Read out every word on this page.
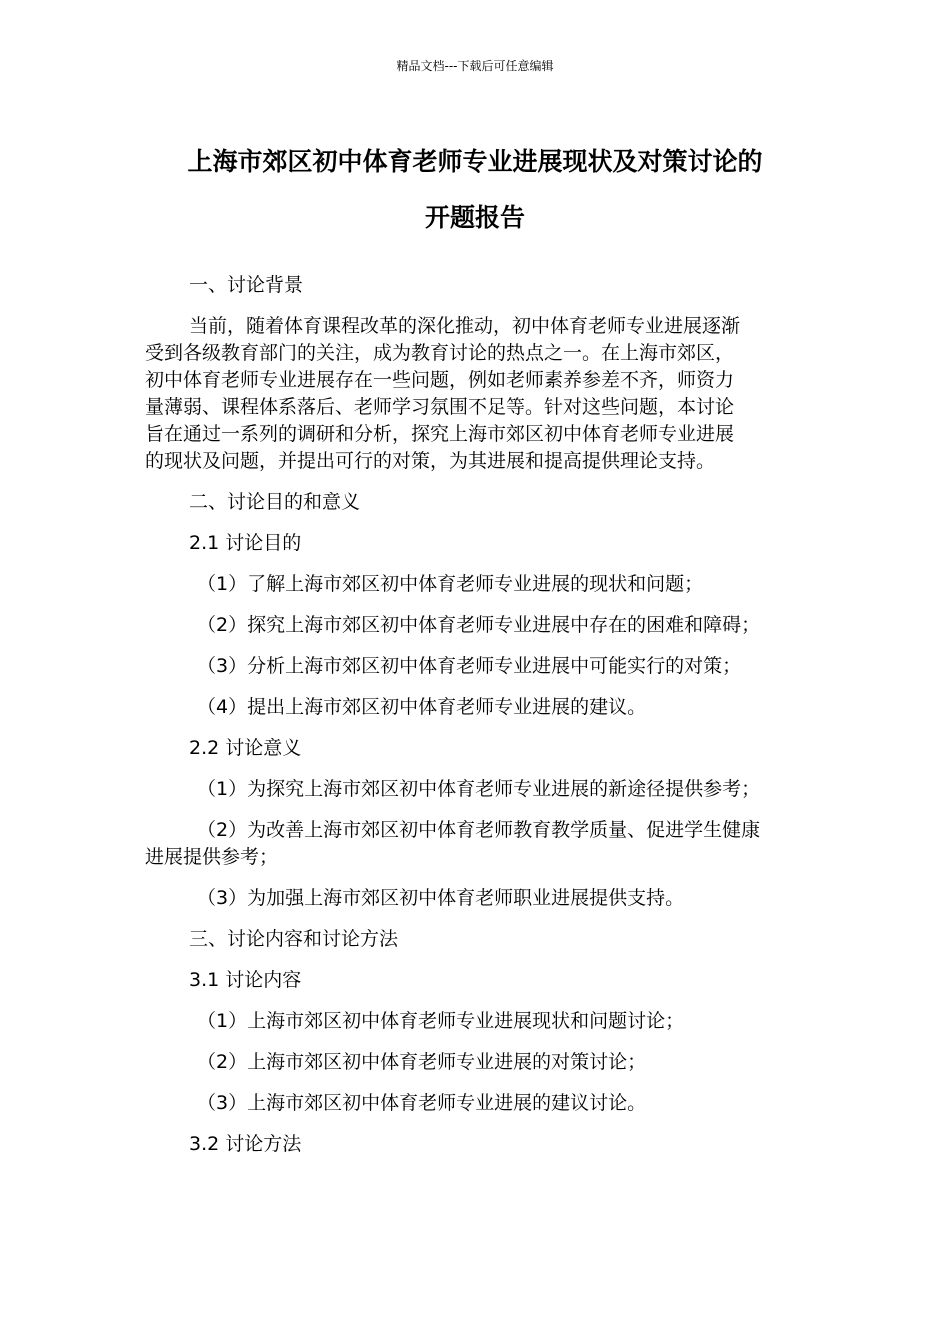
精品文档---下载后可任意编辑
上海市郊区初中体育老师专业进展现状及对策讨论的
开题报告
一、讨论背景
当前，随着体育课程改革的深化推动，初中体育老师专业进展逐渐
受到各级教育部门的关注，成为教育讨论的热点之一。在上海市郊区，
初中体育老师专业进展存在一些问题，例如老师素养参差不齐，师资力
量薄弱、课程体系落后、老师学习氛围不足等。针对这些问题，本讨论
旨在通过一系列的调研和分析，探究上海市郊区初中体育老师专业进展
的现状及问题，并提出可行的对策，为其进展和提高提供理论支持。
二、讨论目的和意义
2.1 讨论目的
（1）了解上海市郊区初中体育老师专业进展的现状和问题；
（2）探究上海市郊区初中体育老师专业进展中存在的困难和障碍；
（3）分析上海市郊区初中体育老师专业进展中可能实行的对策；
（4）提出上海市郊区初中体育老师专业进展的建议。
2.2 讨论意义
（1）为探究上海市郊区初中体育老师专业进展的新途径提供参考；
（2）为改善上海市郊区初中体育老师教育教学质量、促进学生健康
进展提供参考；
（3）为加强上海市郊区初中体育老师职业进展提供支持。
三、讨论内容和讨论方法
3.1 讨论内容
（1）上海市郊区初中体育老师专业进展现状和问题讨论；
（2）上海市郊区初中体育老师专业进展的对策讨论；
（3）上海市郊区初中体育老师专业进展的建议讨论。
3.2 讨论方法
